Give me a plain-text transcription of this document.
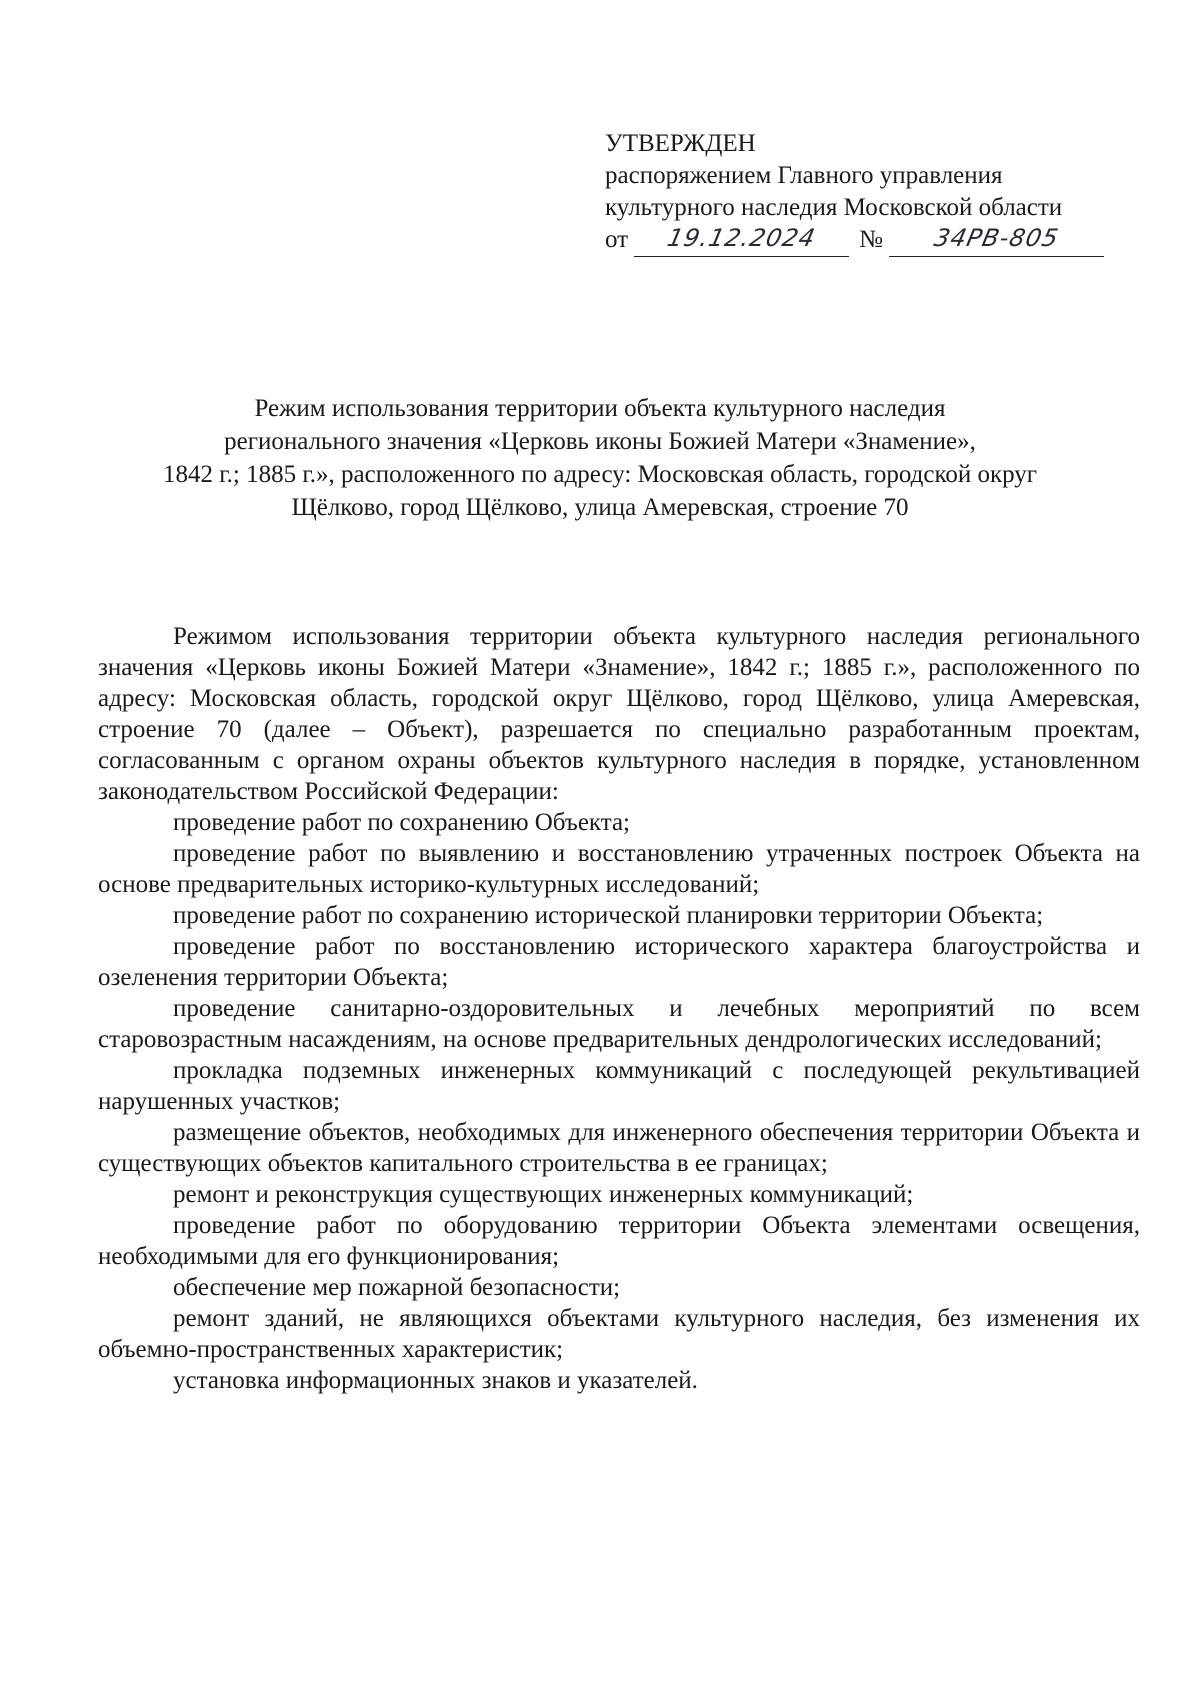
УТВЕРЖДЕН
распоряжением Главного управления
культурного наследия Московской области
от	19.12.2024	№	34РВ-805
Режим использования территории объекта культурного наследия
регионального значения «Церковь иконы Божией Матери «Знамение»,
1842 г.; 1885 г.», расположенного по адресу: Московская область, городской округ
Щёлково, город Щёлково, улица Амеревская, строение 70

Режимом использования территории объекта культурного наследия регионального значения «Церковь иконы Божией Матери «Знамение», 1842 г.; 1885 г.», расположенного по адресу: Московская область, городской округ Щёлково, город Щёлково, улица Амеревская, строение 70 (далее – Объект), разрешается по специально разработанным проектам, согласованным с органом охраны объектов культурного наследия в порядке, установленном законодательством Российской Федерации:

проведение работ по сохранению Объекта;

проведение работ по выявлению и восстановлению утраченных построек Объекта на основе предварительных историко-культурных исследований;

проведение работ по сохранению исторической планировки территории Объекта;

проведение работ по восстановлению исторического характера благоустройства и озеленения территории Объекта;

проведение санитарно-оздоровительных и лечебных мероприятий по всем старовозрастным насаждениям, на основе предварительных дендрологических исследований;

прокладка подземных инженерных коммуникаций с последующей рекультивацией нарушенных участков;

размещение объектов, необходимых для инженерного обеспечения территории Объекта и существующих объектов капитального строительства в ее границах;

ремонт и реконструкция существующих инженерных коммуникаций;

проведение работ по оборудованию территории Объекта элементами освещения, необходимыми для его функционирования;

обеспечение мер пожарной безопасности;

ремонт зданий, не являющихся объектами культурного наследия, без изменения их объемно-пространственных характеристик;

установка информационных знаков и указателей.
